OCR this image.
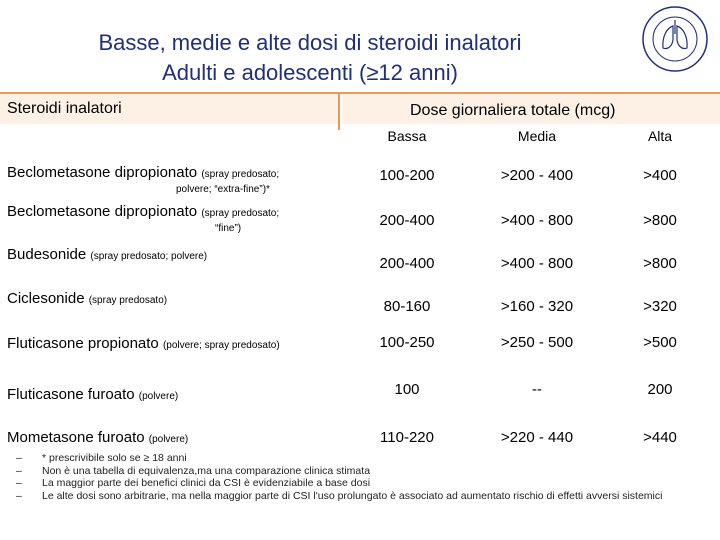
Basse, medie e alte dosi di steroidi inalatori
Adulti e adolescenti (≥12 anni)
Steroidi inalatori	Dose giornaliera totale (mcg)
Bassa	Media	Alta
Beclometasone dipropionato (spray predosato;
polvere; “extra-fine”)*
100-200	>200 - 400	>400
Beclometasone dipropionato (spray predosato;
“fine”)	200-400	>400 - 800	>800
Budesonide (spray predosato; polvere)	200-400	>400 - 800	>800
Ciclesonide (spray predosato)	80-160	>160 - 320	>320
Fluticasone propionato (polvere; spray predosato)	100-250	>250 - 500	>500
Fluticasone furoato (polvere)	100	--	200
Mometasone furoato (polvere)	110-220	>220 - 440	>440
– * prescrivibile solo se ≥ 18 anni
– Non è una tabella di equivalenza,ma una comparazione clinica stimata
– La maggior parte dei benefici clinici da CSI è evidenziabile a base dosi
– Le alte dosi sono arbitrarie, ma nella maggior parte di CSI l'uso prolungato è associato ad aumentato rischio di effetti avversi sistemici
